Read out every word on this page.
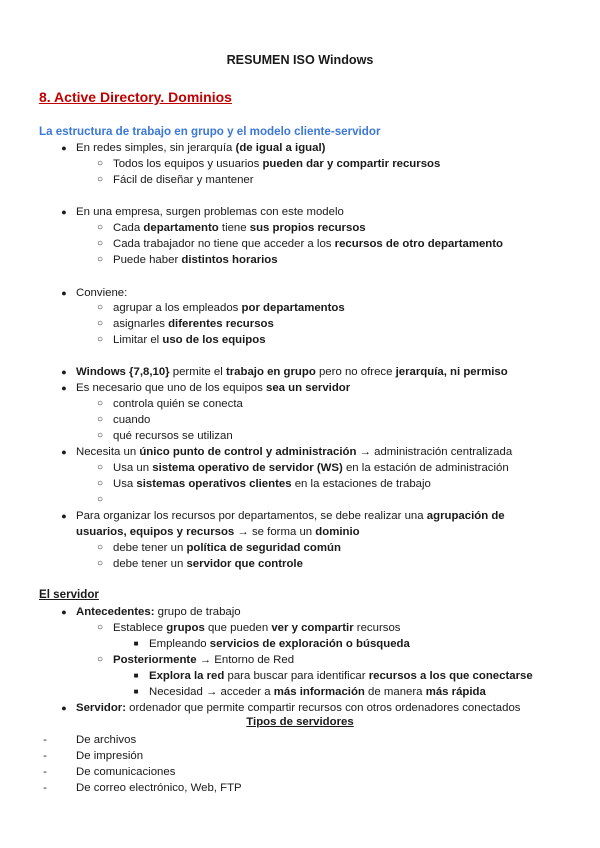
RESUMEN ISO Windows
8. Active Directory. Dominios
La estructura de trabajo en grupo y el modelo cliente-servidor
● En redes simples, sin jerarquía (de igual a igual)
○ Todos los equipos y usuarios pueden dar y compartir recursos
○ Fácil de diseñar y mantener
● En una empresa, surgen problemas con este modelo
○ Cada departamento tiene sus propios recursos
○ Cada trabajador no tiene que acceder a los recursos de otro departamento
○ Puede haber distintos horarios
● Conviene:
○ agrupar a los empleados por departamentos
○ asignarles diferentes recursos
○ Limitar el uso de los equipos
● Windows {7,8,10} permite el trabajo en grupo pero no ofrece jerarquía, ni permiso
● Es necesario que uno de los equipos sea un servidor
○ controla quién se conecta
○ cuando
○ qué recursos se utilizan
● Necesita un único punto de control y administración → administración centralizada
○ Usa un sistema operativo de servidor (WS) en la estación de administración
○ Usa sistemas operativos clientes en la estaciones de trabajo
○
● Para organizar los recursos por departamentos, se debe realizar una agrupación de
usuarios, equipos y recursos → se forma un dominio
○ debe tener un política de seguridad común
○ debe tener un servidor que controle
El servidor
● Antecedentes: grupo de trabajo
○ Establece grupos que pueden ver y compartir recursos
■ Empleando servicios de exploración o búsqueda
○ Posteriormente → Entorno de Red
■ Explora la red para buscar para identificar recursos a los que conectarse
■ Necesidad → acceder a más información de manera más rápida
● Servidor: ordenador que permite compartir recursos con otros ordenadores conectados
Tipos de servidores
-	De archivos
-	De impresión
-	De comunicaciones
-	De correo electrónico, Web, FTP
